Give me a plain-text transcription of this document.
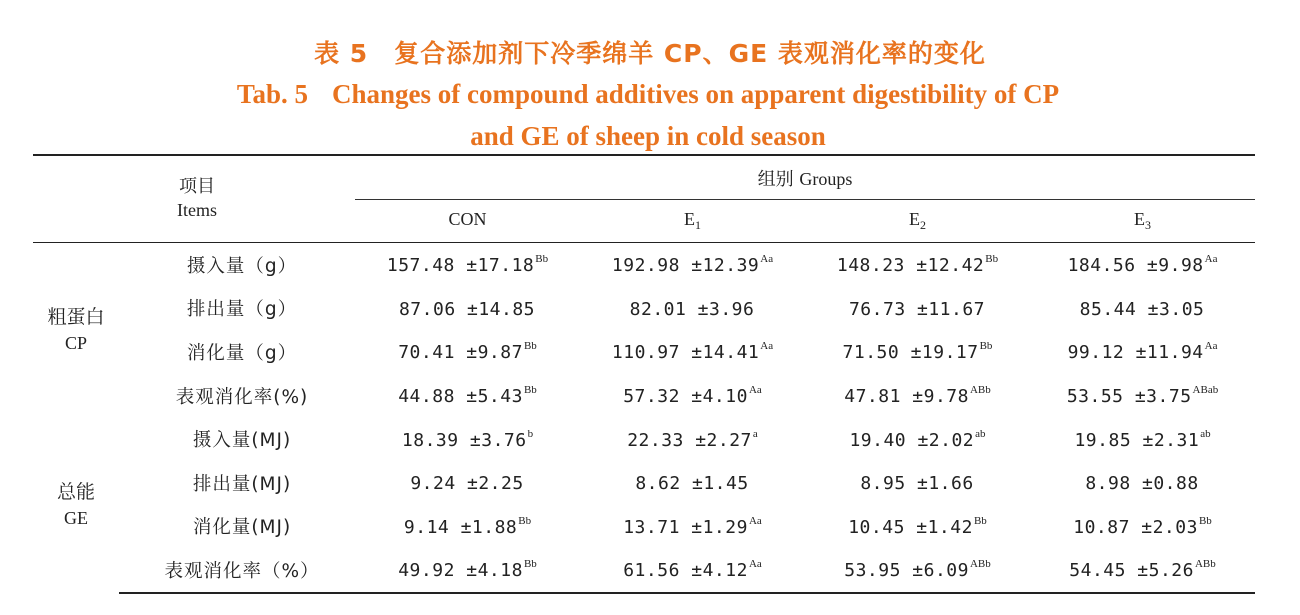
表 5 复合添加剂下冷季绵羊 CP、GE 表观消化率的变化
Tab. 5 Changes of compound additives on apparent digestibility of CP
and GE of sheep in cold season
项目
Items		组别 Groups			
		CON	$E_1$	$E_2$	$E_3$

粗蛋白
CP	摄入量（g）	$157.48 \pm 17.18^{Bb}$	$192.98 \pm 12.39^{Aa}$	$148.23 \pm 12.42^{Bb}$	$184.56 \pm 9.98^{Aa}$
	排出量（g）	87.06 ±14.85	82.01 ±3.96	76.73 ±11.67	85.44 ±3.05
	消化量（g）	$70.41 \pm 9.87^{Bb}$	$110.97 \pm 14.41^{Aa}$	$71.50 \pm 19.17^{Bb}$	$99.12 \pm 11.94^{Aa}$
	表观消化率(%)	$44.88 \pm 5.43^{Bb}$	$57.32 \pm 4.10^{Aa}$	$47.81 \pm 9.78^{ABb}$	$53.55 \pm 3.75^{ABab}$

总能
GE	摄入量(MJ)	18.39 ±3.76$^b$	22.33 ±2.27$^a$	19.40 ±2.02$^{ab}$	19.85 ±2.31$^{ab}$
	排出量(MJ)	9.24 ±2.25	8.62 ±1.45	8.95 ±1.66	8.98 ±0.88
	消化量(MJ)	$9.14 \pm 1.88^{Bb}$	$13.71 \pm 1.29^{Aa}$	$10.45 \pm 1.42^{Bb}$	$10.87 \pm 2.03^{Bb}$
	表观消化率（%）	$49.92 \pm 4.18^{Bb}$	$61.56 \pm 4.12^{Aa}$	$53.95 \pm 6.09^{ABb}$	$54.45 \pm 5.26^{ABb}$
